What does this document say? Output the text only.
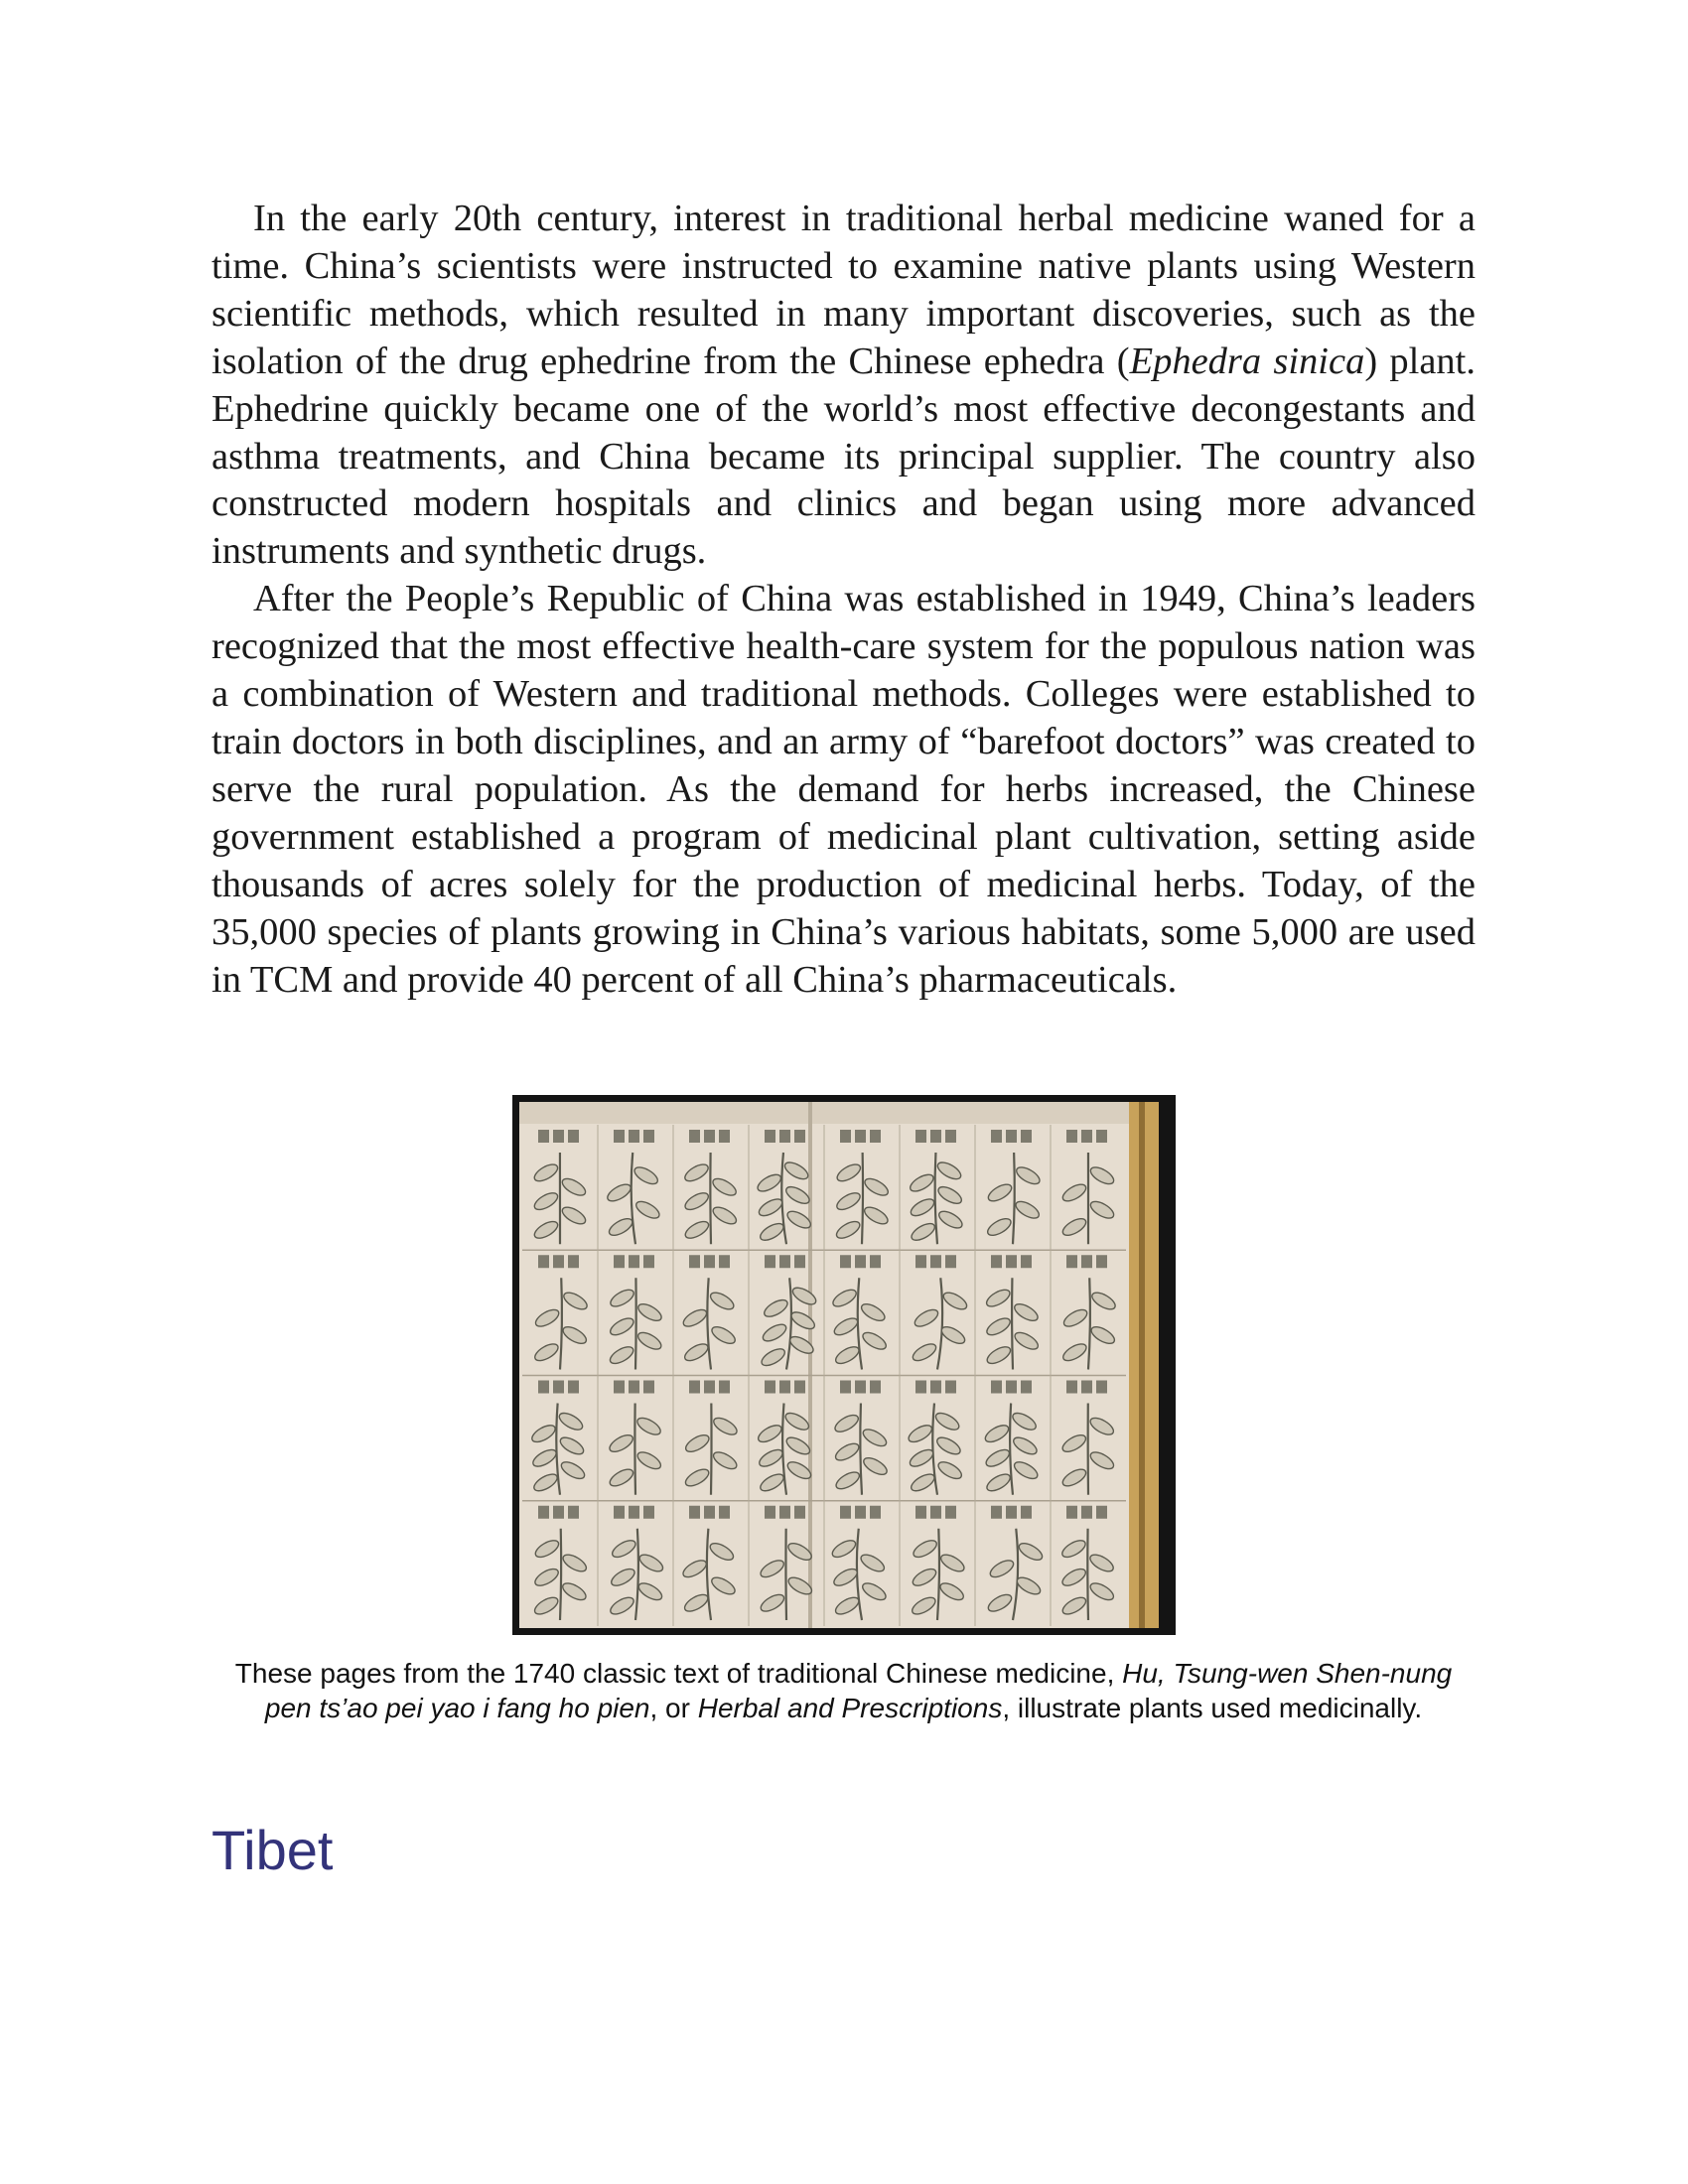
In the early 20th century, interest in traditional herbal medicine waned for a time. China’s scientists were instructed to examine native plants using Western scientific methods, which resulted in many important discoveries, such as the isolation of the drug ephedrine from the Chinese ephedra (Ephedra sinica) plant. Ephedrine quickly became one of the world’s most effective decongestants and asthma treatments, and China became its principal supplier. The country also constructed modern hospitals and clinics and began using more advanced instruments and synthetic drugs.

After the People’s Republic of China was established in 1949, China’s leaders recognized that the most effective health-care system for the populous nation was a combination of Western and traditional methods. Colleges were established to train doctors in both disciplines, and an army of “barefoot doctors” was created to serve the rural population. As the demand for herbs increased, the Chinese government established a program of medicinal plant cultivation, setting aside thousands of acres solely for the production of medicinal herbs. Today, of the 35,000 species of plants growing in China’s various habitats, some 5,000 are used in TCM and provide 40 percent of all China’s pharmaceuticals.

These pages from the 1740 classic text of traditional Chinese medicine, Hu, Tsung-wen Shen-nung pen ts’ao pei yao i fang ho pien, or Herbal and Prescriptions, illustrate plants used medicinally.

Tibet
